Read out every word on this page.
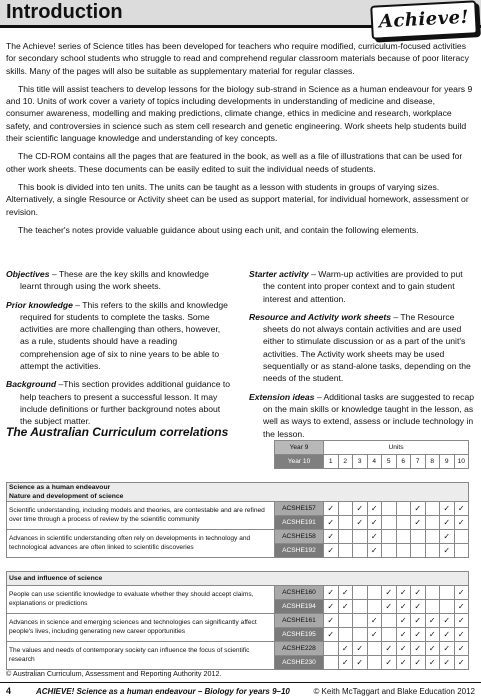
Introduction	Achieve!

The Achieve! series of Science titles has been developed for teachers who require modified, curriculum-focused activities for secondary school students who struggle to read and comprehend regular classroom materials because of poor literacy skills. Many of the pages will also be suitable as supplementary material for regular classes.

This title will assist teachers to develop lessons for the biology sub-strand in Science as a human endeavour for years 9 and 10. Units of work cover a variety of topics including developments in understanding of medicine and disease, consumer awareness, modelling and making predictions, climate change, ethics in medicine and research, workplace safety, and controversies in science such as stem cell research and genetic engineering. Work sheets help students build their scientific language knowledge and understanding of key concepts.

The CD-ROM contains all the pages that are featured in the book, as well as a file of illustrations that can be used for other work sheets. These documents can be easily edited to suit the individual needs of students.

This book is divided into ten units. The units can be taught as a lesson with students in groups of varying sizes. Alternatively, a single Resource or Activity sheet can be used as support material, for individual homework, assessment or revision.

The teacher's notes provide valuable guidance about using each unit, and contain the following elements.

Objectives – These are the key skills and knowledge learnt through using the work sheets.
Prior knowledge – This refers to the skills and knowledge required for students to complete the tasks. Some activities are more challenging than others, however, as a rule, students should have a reading comprehension age of six to nine years to be able to attempt the activities.
Background –This section provides additional guidance to help teachers to present a successful lesson. It may include definitions or further background notes about the subject matter.
Starter activity – Warm-up activities are provided to put the content into proper context and to gain student interest and attention.
Resource and Activity work sheets – The Resource sheets do not always contain activities and are used either to stimulate discussion or as a part of the unit's activities. The Activity work sheets may be used sequentially or as stand-alone tasks, depending on the needs of the student.
Extension ideas – Additional tasks are suggested to recap on the main skills or knowledge taught in the lesson, as well as ways to extend, assess or include technology in the lesson.
The Australian Curriculum correlations
	Year 9	Units									
	Year 10	1	2	3	4	5	6	7	8	9	10

Science as a human endeavour
Nature and development of science											

Scientific understanding, including models and theories, are contestable and are refined over time through a process of review by the scientific community	ACSHE157	✓		✓	✓			✓		✓	✓
	ACSHE191	✓		✓	✓			✓		✓	✓
Advances in scientific understanding often rely on developments in technology and technological advances are often linked to scientific discoveries	ACSHE158	✓			✓					✓	
	ACSHE192	✓			✓					✓	

Use and influence of science											

People can use scientific knowledge to evaluate whether they should accept claims, explanations or predictions	ACSHE160	✓	✓			✓	✓	✓			✓
	ACSHE194	✓	✓			✓	✓	✓			✓
Advances in science and emerging sciences and technologies can significantly affect people's lives, including generating new career opportunities	ACSHE161	✓			✓		✓	✓	✓	✓	✓
	ACSHE195	✓			✓		✓	✓	✓	✓	✓
The values and needs of contemporary society can influence the focus of scientific research	ACSHE228		✓	✓		✓	✓	✓	✓	✓	✓
	ACSHE230		✓	✓		✓	✓	✓	✓	✓	✓
© Australian Curriculum, Assessment and Reporting Authority 2012.
4	ACHIEVE! Science as a human endeavour – Biology for years 9–10	© Keith McTaggart and Blake Education 2012
